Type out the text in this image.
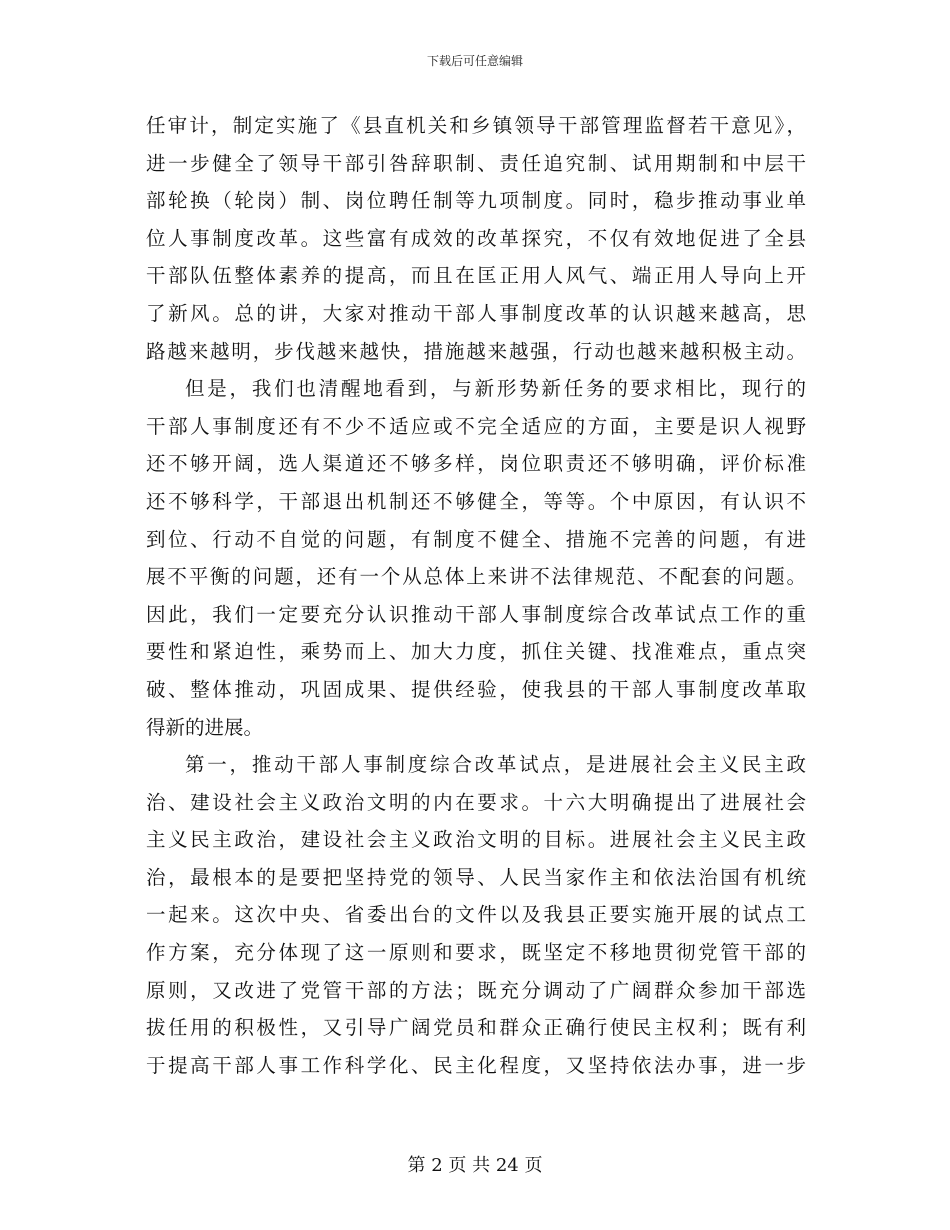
下载后可任意编辑
任审计，制定实施了《县直机关和乡镇领导干部管理监督若干意见》，
进一步健全了领导干部引咎辞职制、责任追究制、试用期制和中层干
部轮换（轮岗）制、岗位聘任制等九项制度。同时，稳步推动事业单
位人事制度改革。这些富有成效的改革探究，不仅有效地促进了全县
干部队伍整体素养的提高，而且在匡正用人风气、端正用人导向上开
了新风。总的讲，大家对推动干部人事制度改革的认识越来越高，思
路越来越明，步伐越来越快，措施越来越强，行动也越来越积极主动。
但是，我们也清醒地看到，与新形势新任务的要求相比，现行的
干部人事制度还有不少不适应或不完全适应的方面，主要是识人视野
还不够开阔，选人渠道还不够多样，岗位职责还不够明确，评价标准
还不够科学，干部退出机制还不够健全，等等。个中原因，有认识不
到位、行动不自觉的问题，有制度不健全、措施不完善的问题，有进
展不平衡的问题，还有一个从总体上来讲不法律规范、不配套的问题。
因此，我们一定要充分认识推动干部人事制度综合改革试点工作的重
要性和紧迫性，乘势而上、加大力度，抓住关键、找准难点，重点突
破、整体推动，巩固成果、提供经验，使我县的干部人事制度改革取
得新的进展。
第一，推动干部人事制度综合改革试点，是进展社会主义民主政
治、建设社会主义政治文明的内在要求。十六大明确提出了进展社会
主义民主政治，建设社会主义政治文明的目标。进展社会主义民主政
治，最根本的是要把坚持党的领导、人民当家作主和依法治国有机统
一起来。这次中央、省委出台的文件以及我县正要实施开展的试点工
作方案，充分体现了这一原则和要求，既坚定不移地贯彻党管干部的
原则，又改进了党管干部的方法；既充分调动了广阔群众参加干部选
拔任用的积极性，又引导广阔党员和群众正确行使民主权利；既有利
于提高干部人事工作科学化、民主化程度，又坚持依法办事，进一步
第 2 页 共 24 页
